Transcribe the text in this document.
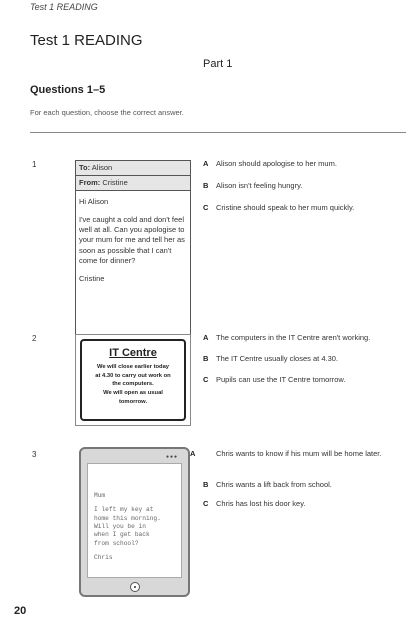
Test 1 READING
Test 1 READING
Part 1
Questions 1–5
For each question, choose the correct answer.
1	To: Alison
From: Cristine

Hi Alison

I've caught a cold and don't feel well at all. Can you apologise to your mum for me and tell her as soon as possible that I can't come for dinner?

Cristine

A Alison should apologise to her mum.
B Alison isn't feeling hungry.
C Cristine should speak to her mum quickly.
2
IT Centre
We will close earlier today
at 4.30 to carry out work on
the computers.
We will open as usual
tomorrow.
A The computers in the IT Centre aren't working.
B The IT Centre usually closes at 4.30.
C Pupils can use the IT Centre tomorrow.
3	●●●

Mum

I left my key at
home this morning.
Will you be in
when I get back
from school?

Chris

A	Chris wants to know if his mum will be home later.
B Chris wants a lift back from school.
C Chris has lost his door key.
20
